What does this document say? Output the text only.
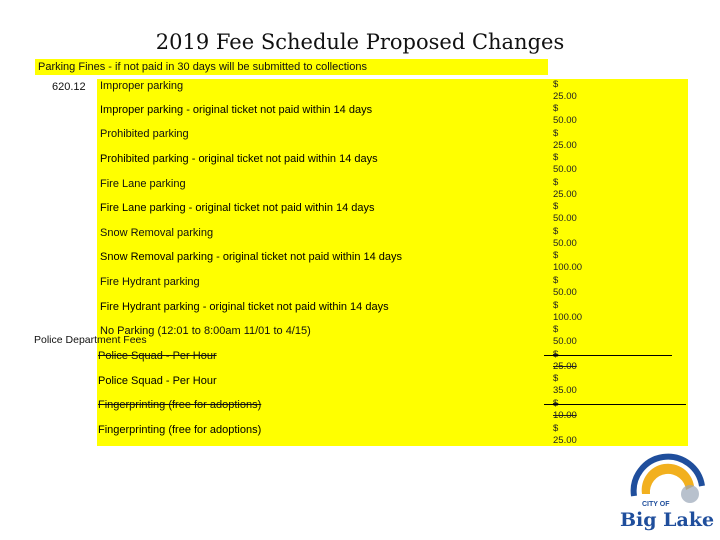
2019 Fee Schedule Proposed Changes
Parking Fines - if not paid in 30 days will be submitted to collections
620.12 Improper parking
Improper parking - original ticket not paid within 14 days
Prohibited parking
Prohibited parking - original ticket not paid within 14 days
Fire Lane parking
Fire Lane parking - original ticket not paid within 14 days
Snow Removal parking
Snow Removal parking - original ticket not paid within 14 days
Fire Hydrant parking
Fire Hydrant parking - original ticket not paid within 14 days
No Parking (12:01 to 8:00am 11/01 to 4/15)
Police Department Fees
Police Squad - Per Hour
Police Squad - Per Hour
Fingerprinting (free for adoptions)
Fingerprinting (free for adoptions)
$
25.00
$
50.00
$
25.00
$
50.00
$
25.00
$
50.00
$
50.00
$
100.00
$
50.00
$
100.00
$
50.00
25.00
$
35.00
10.00
$
25.00
CITY OF
Big Lake
